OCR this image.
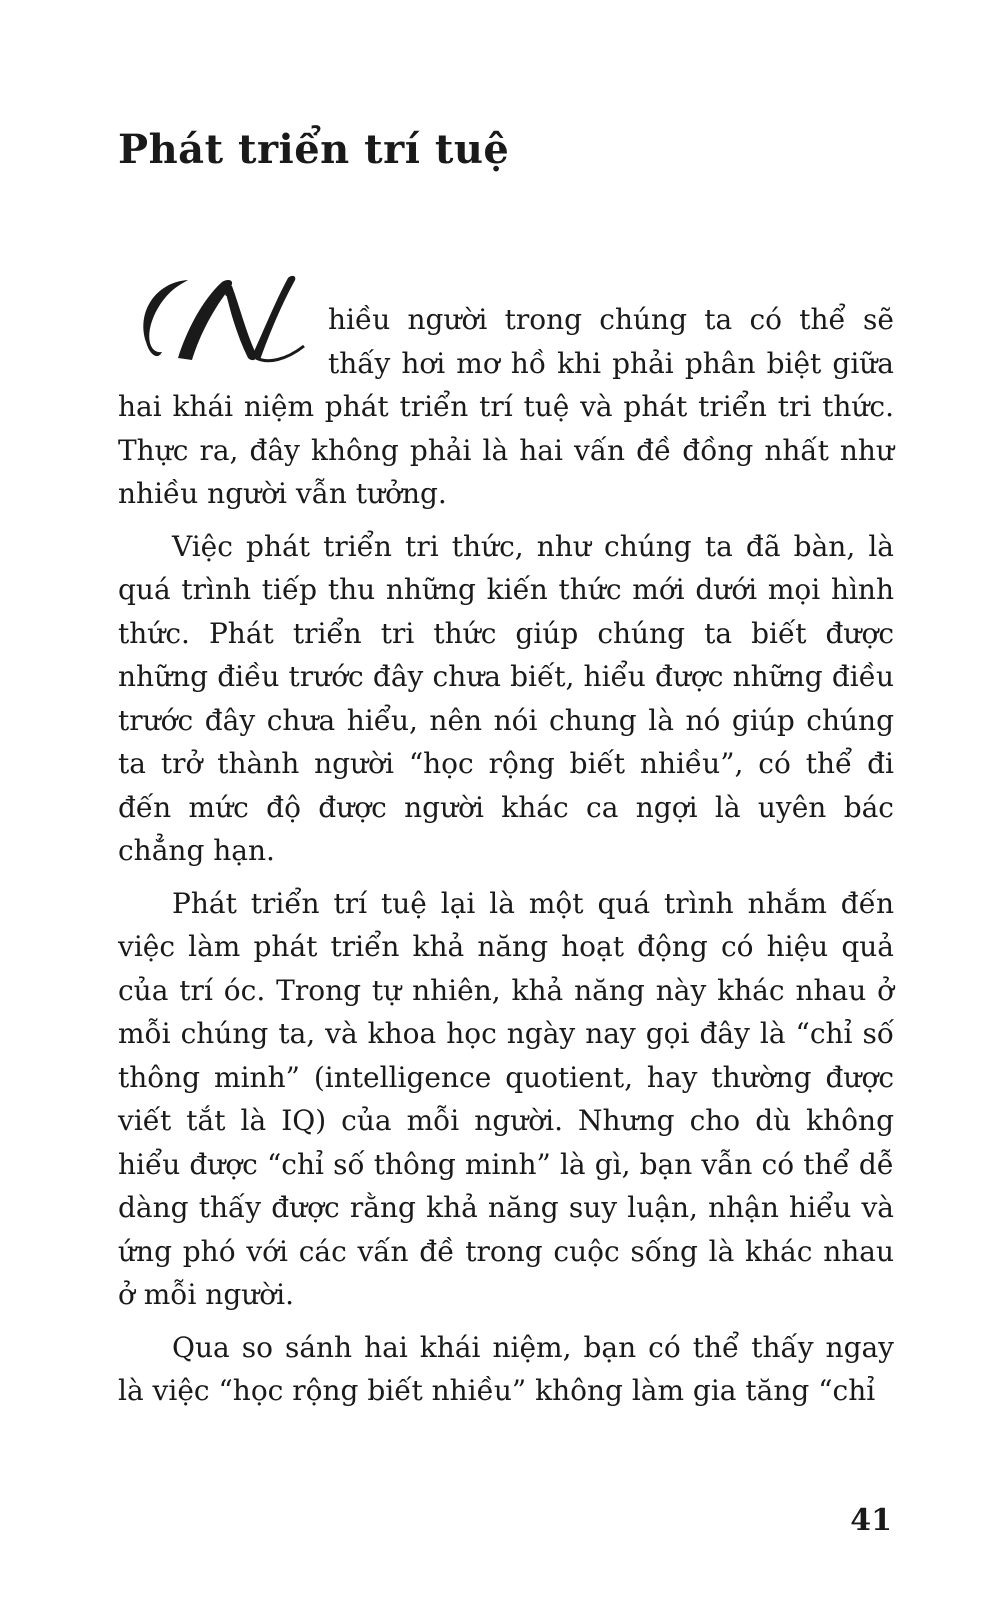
Phát triển trí tuệ

hiều người trong chúng ta có thể sẽ thấy hơi mơ hồ khi phải phân biệt giữa hai khái niệm phát triển trí tuệ và phát triển tri thức. Thực ra, đây không phải là hai vấn đề đồng nhất như nhiều người vẫn tưởng.

Việc phát triển tri thức, như chúng ta đã bàn, là quá trình tiếp thu những kiến thức mới dưới mọi hình thức. Phát triển tri thức giúp chúng ta biết được những điều trước đây chưa biết, hiểu được những điều trước đây chưa hiểu, nên nói chung là nó giúp chúng ta trở thành người “học rộng biết nhiều”, có thể đi đến mức độ được người khác ca ngợi là uyên bác chẳng hạn.

Phát triển trí tuệ lại là một quá trình nhắm đến việc làm phát triển khả năng hoạt động có hiệu quả của trí óc. Trong tự nhiên, khả năng này khác nhau ở mỗi chúng ta, và khoa học ngày nay gọi đây là “chỉ số thông minh” (intelligence quotient, hay thường được viết tắt là IQ) của mỗi người. Nhưng cho dù không hiểu được “chỉ số thông minh” là gì, bạn vẫn có thể dễ dàng thấy được rằng khả năng suy luận, nhận hiểu và ứng phó với các vấn đề trong cuộc sống là khác nhau ở mỗi người.

Qua so sánh hai khái niệm, bạn có thể thấy ngay là việc “học rộng biết nhiều” không làm gia tăng “chỉ

41
